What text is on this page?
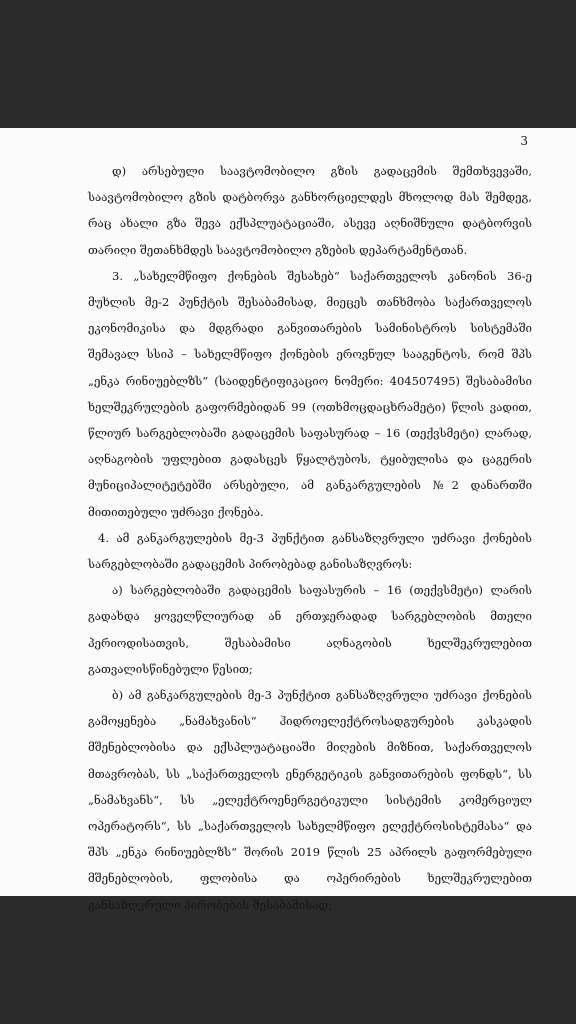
3

დ) არსებული საავტომობილო გზის გადაცემის შემთხვევაში, საავტომობილო გზის დატბორვა განხორციელდეს მხოლოდ მას შემდეგ, რაც ახალი გზა შევა ექსპლუატაციაში, ასევე აღნიშნული დატბორვის თარიღი შეთანხმდეს საავტომობილო გზების დეპარტამენტთან.

3. „სახელმწიფო ქონების შესახებ“ საქართველოს კანონის 36-ე მუხლის მე-2 პუნქტის შესაბამისად, მიეცეს თანხმობა საქართველოს ეკონომიკისა და მდგრადი განვითარების სამინისტროს სისტემაში შემავალ სსიპ – სახელმწიფო ქონების ეროვნულ სააგენტოს, რომ შპს „ენკა რინიუებლზს“ (საიდენტიფიკაციო ნომერი: 404507495) შესაბამისი ხელშეკრულების გაფორმებიდან 99 (ოთხმოცდაცხრამეტი) წლის ვადით, წლიურ სარგებლობაში გადაცემის საფასურად – 16 (თექვსმეტი) ლარად, აღნაგობის უფლებით გადასცეს წყალტუბოს, ტყიბულისა და ცაგერის მუნიციპალიტეტებში არსებული, ამ განკარგულების №2 დანართში მითითებული უძრავი ქონება.

4. ამ განკარგულების მე-3 პუნქტით განსაზღვრული უძრავი ქონების სარგებლობაში გადაცემის პირობებად განისაზღვროს:

ა) სარგებლობაში გადაცემის საფასურის – 16 (თექვსმეტი) ლარის გადახდა ყოველწლიურად ან ერთჯერადად სარგებლობის მთელი პერიოდისათვის, შესაბამისი აღნაგობის ხელშეკრულებით გათვალისწინებული წესით;

ბ) ამ განკარგულების მე-3 პუნქტით განსაზღვრული უძრავი ქონების გამოყენება „ნამახვანის“ ჰიდროელექტროსადგურების კასკადის მშენებლობისა და ექსპლუატაციაში მიღების მიზნით, საქართველოს მთავრობას, სს „საქართველოს ენერგეტიკის განვითარების ფონდს“, სს „ნამახვანს“, სს „ელექტროენერგეტიკული სისტემის კომერციულ ოპერატორს“, სს „საქართველოს სახელმწიფო ელექტროსისტემასა“ და შპს „ენკა რინიუებლზს“ შორის 2019 წლის 25 აპრილს გაფორმებული მშენებლობის, ფლობისა და ოპერირების ხელშეკრულებით განსაზღვრული პირობების შესაბამისად;
